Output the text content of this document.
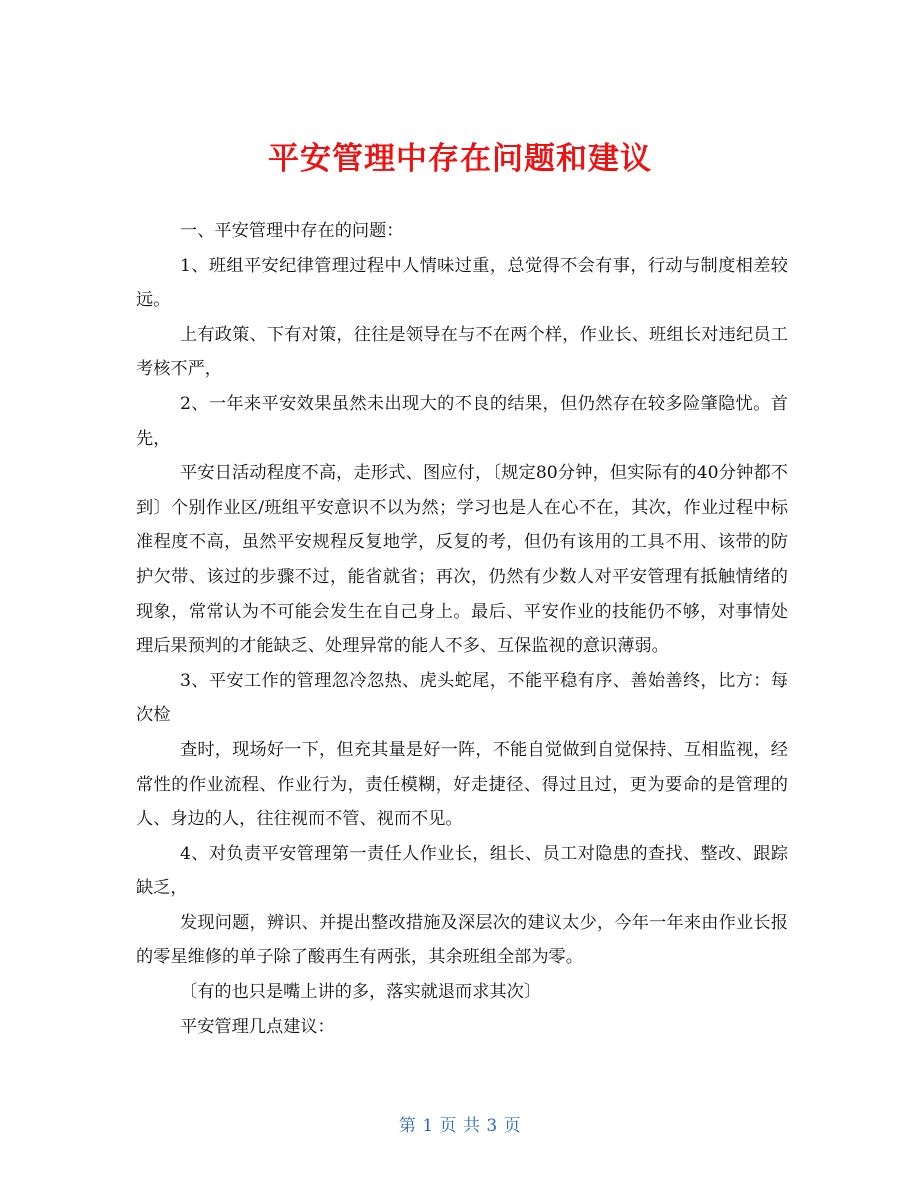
平安管理中存在问题和建议

一、平安管理中存在的问题：

1、班组平安纪律管理过程中人情味过重，总觉得不会有事，行动与制度相差较远。

上有政策、下有对策，往往是领导在与不在两个样，作业长、班组长对违纪员工考核不严，

2、一年来平安效果虽然未出现大的不良的结果，但仍然存在较多险肇隐忧。首先，

平安日活动程度不高，走形式、图应付，〔规定80分钟，但实际有的40分钟都不到〕个别作业区/班组平安意识不以为然；学习也是人在心不在，其次，作业过程中标准程度不高，虽然平安规程反复地学，反复的考，但仍有该用的工具不用、该带的防护欠带、该过的步骤不过，能省就省；再次，仍然有少数人对平安管理有抵触情绪的现象，常常认为不可能会发生在自己身上。最后、平安作业的技能仍不够，对事情处理后果预判的才能缺乏、处理异常的能人不多、互保监视的意识薄弱。

3、平安工作的管理忽冷忽热、虎头蛇尾，不能平稳有序、善始善终，比方：每次检

查时，现场好一下，但充其量是好一阵，不能自觉做到自觉保持、互相监视，经常性的作业流程、作业行为，责任模糊，好走捷径、得过且过，更为要命的是管理的人、身边的人，往往视而不管、视而不见。

4、对负责平安管理第一责任人作业长，组长、员工对隐患的查找、整改、跟踪缺乏，

发现问题，辨识、并提出整改措施及深层次的建议太少，今年一年来由作业长报的零星维修的单子除了酸再生有两张，其余班组全部为零。

〔有的也只是嘴上讲的多，落实就退而求其次〕

平安管理几点建议：

第 1 页 共 3 页
